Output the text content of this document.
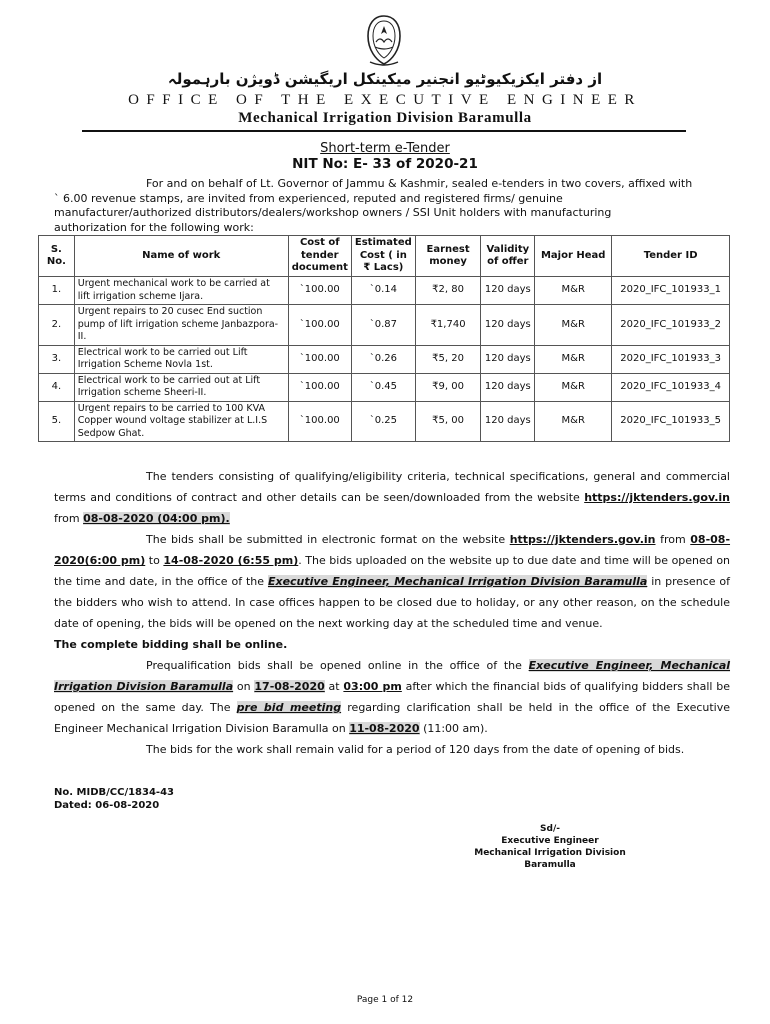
از دفتر ایکزیکیوٹیو انجنیر میکینکل اریگیشن ڈویژن بارہمولہ
OFFICE OF THE EXECUTIVE ENGINEER
Mechanical Irrigation Division Baramulla
Short-term e-Tender
NIT No: E- 33 of 2020-21
For and on behalf of Lt. Governor of Jammu & Kashmir, sealed e-tenders in two covers, affixed with
` 6.00 revenue stamps, are invited from experienced, reputed and registered firms/ genuine
manufacturer/authorized distributors/dealers/workshop owners / SSI Unit holders with manufacturing
authorization for the following work:
S. No.	Name of work	Cost of tender document	Estimated Cost ( in ₹ Lacs)	Earnest money	Validity of offer	Major Head	Tender ID
1.	Urgent mechanical work to be carried at lift irrigation scheme Ijara.	`100.00	`0.14	₹2, 80	120 days	M&R	2020_IFC_101933_1
2.	Urgent repairs to 20 cusec End suction pump of lift irrigation scheme Janbazpora-II.	`100.00	`0.87	₹1,740	120 days	M&R	2020_IFC_101933_2
3.	Electrical work to be carried out Lift Irrigation Scheme Novla 1st.	`100.00	`0.26	₹5, 20	120 days	M&R	2020_IFC_101933_3
4.	Electrical work to be carried out at Lift Irrigation scheme Sheeri-II.	`100.00	`0.45	₹9, 00	120 days	M&R	2020_IFC_101933_4
5.	Urgent repairs to be carried to 100 KVA Copper wound voltage stabilizer at L.I.S Sedpow Ghat.	`100.00	`0.25	₹5, 00	120 days	M&R	2020_IFC_101933_5

The tenders consisting of qualifying/eligibility criteria, technical specifications, general and commercial terms and conditions of contract and other details can be seen/downloaded from the website https://jktenders.gov.in from 08-08-2020 (04:00 pm).

The bids shall be submitted in electronic format on the website https://jktenders.gov.in from 08-08-2020(6:00 pm) to 14-08-2020 (6:55 pm). The bids uploaded on the website up to due date and time will be opened on the time and date, in the office of the Executive Engineer, Mechanical Irrigation Division Baramulla in presence of the bidders who wish to attend. In case offices happen to be closed due to holiday, or any other reason, on the schedule date of opening, the bids will be opened on the next working day at the scheduled time and venue.

The complete bidding shall be online.

Prequalification bids shall be opened online in the office of the Executive Engineer, Mechanical Irrigation Division Baramulla on 17-08-2020 at 03:00 pm after which the financial bids of qualifying bidders shall be opened on the same day. The pre bid meeting regarding clarification shall be held in the office of the Executive Engineer Mechanical Irrigation Division Baramulla on 11-08-2020 (11:00 am).

The bids for the work shall remain valid for a period of 120 days from the date of opening of bids.

No. MIDB/CC/1834-43
Dated: 06-08-2020
Sd/-
Executive Engineer
Mechanical Irrigation Division
Baramulla
Page 1 of 12
